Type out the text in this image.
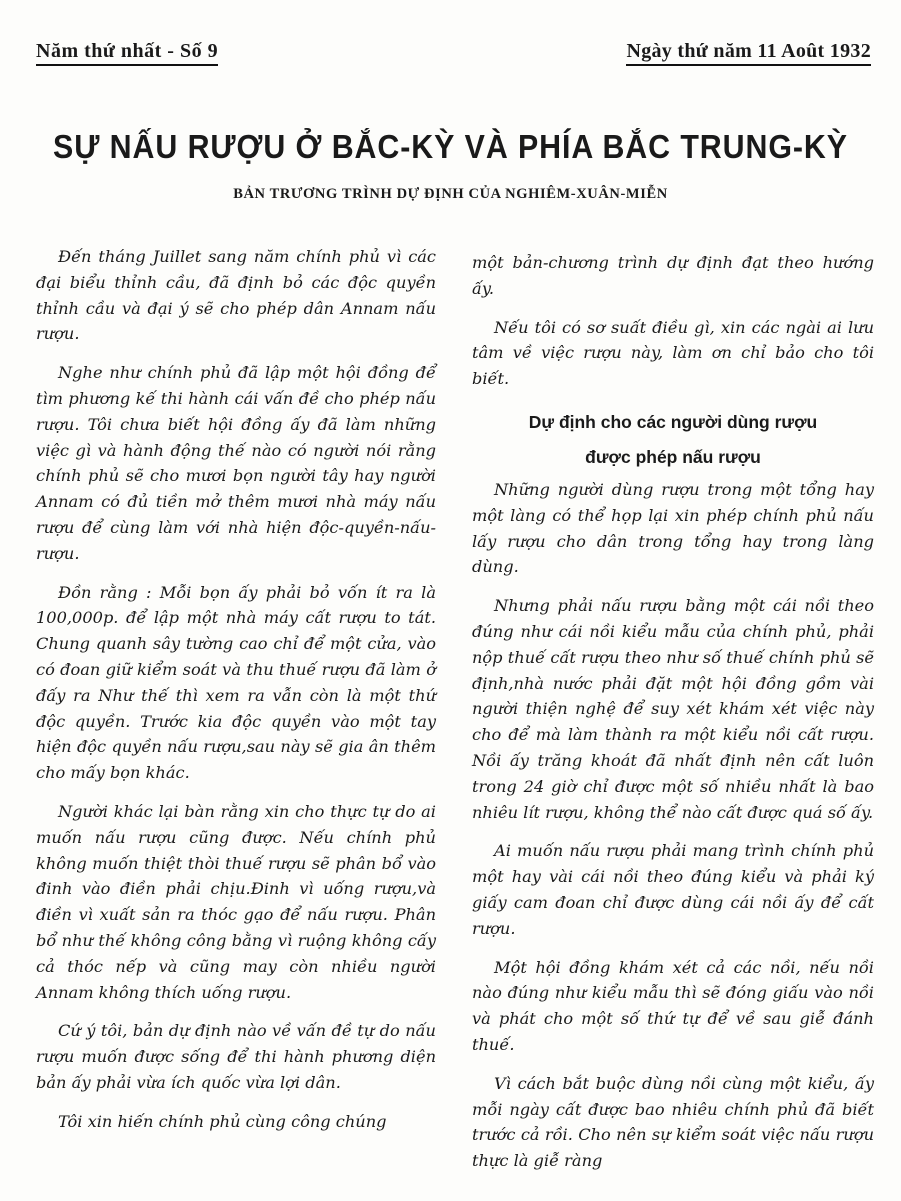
Năm thứ nhất - Số 9	Ngày thứ năm 11 Août 1932
SỰ NẤU RƯỢU Ở BẮC-KỲ VÀ PHÍA BẮC TRUNG-KỲ
BẢN TRƯƠNG TRÌNH DỰ ĐỊNH CỦA NGHIÊM-XUÂN-MIỄN

Đến tháng Juillet sang năm chính phủ vì các đại biểu thỉnh cầu, đã định bỏ các độc quyền thỉnh cầu và đại ý sẽ cho phép dân Annam nấu rượu.

Nghe như chính phủ đã lập một hội đồng để tìm phương kế thi hành cái vấn đề cho phép nấu rượu. Tôi chưa biết hội đồng ấy đã làm những việc gì và hành động thế nào có người nói rằng chính phủ sẽ cho mươi bọn người tây hay người Annam có đủ tiền mở thêm mươi nhà máy nấu rượu để cùng làm với nhà hiện độc-quyền-nấu-rượu.

Đồn rằng : Mỗi bọn ấy phải bỏ vốn ít ra là 100,000p. để lập một nhà máy cất rượu to tát. Chung quanh sây tường cao chỉ để một cửa, vào có đoan giữ kiểm soát và thu thuế rượu đã làm ở đấy ra Như thế thì xem ra vẫn còn là một thứ độc quyền. Trước kia độc quyền vào một tay hiện độc quyền nấu rượu,sau này sẽ gia ân thêm cho mấy bọn khác.

Người khác lại bàn rằng xin cho thực tự do ai muốn nấu rượu cũng được. Nếu chính phủ không muốn thiệt thòi thuế rượu sẽ phân bổ vào đinh vào điền phải chịu.Đinh vì uống rượu,và điền vì xuất sản ra thóc gạo để nấu rượu. Phân bổ như thế không công bằng vì ruộng không cấy cả thóc nếp và cũng may còn nhiều người Annam không thích uống rượu.

Cứ ý tôi, bản dự định nào về vấn đề tự do nấu rượu muốn được sống để thi hành phương diện bản ấy phải vừa ích quốc vừa lợi dân.

Tôi xin hiến chính phủ cùng công chúng

một bản-chương trình dự định đạt theo hướng ấy.

Nếu tôi có sơ suất điều gì, xin các ngài ai lưu tâm về việc rượu này, làm ơn chỉ bảo cho tôi biết.

Dự định cho các người dùng rượu
được phép nấu rượu

Những người dùng rượu trong một tổng hay một làng có thể họp lại xin phép chính phủ nấu lấy rượu cho dân trong tổng hay trong làng dùng.

Nhưng phải nấu rượu bằng một cái nồi theo đúng như cái nồi kiểu mẫu của chính phủ, phải nộp thuế cất rượu theo như số thuế chính phủ sẽ định,nhà nước phải đặt một hội đồng gồm vài người thiện nghệ để suy xét khám xét việc này cho để mà làm thành ra một kiểu nồi cất rượu. Nồi ấy trăng khoát đã nhất định nên cất luôn trong 24 giờ chỉ được một số nhiều nhất là bao nhiêu lít rượu, không thể nào cất được quá số ấy.

Ai muốn nấu rượu phải mang trình chính phủ một hay vài cái nồi theo đúng kiểu và phải ký giấy cam đoan chỉ được dùng cái nồi ấy để cất rượu.

Một hội đồng khám xét cả các nồi, nếu nồi nào đúng như kiểu mẫu thì sẽ đóng giấu vào nồi và phát cho một số thứ tự để về sau giễ đánh thuế.

Vì cách bắt buộc dùng nồi cùng một kiểu, ấy mỗi ngày cất được bao nhiêu chính phủ đã biết trước cả rồi. Cho nên sự kiểm soát việc nấu rượu thực là giễ ràng
